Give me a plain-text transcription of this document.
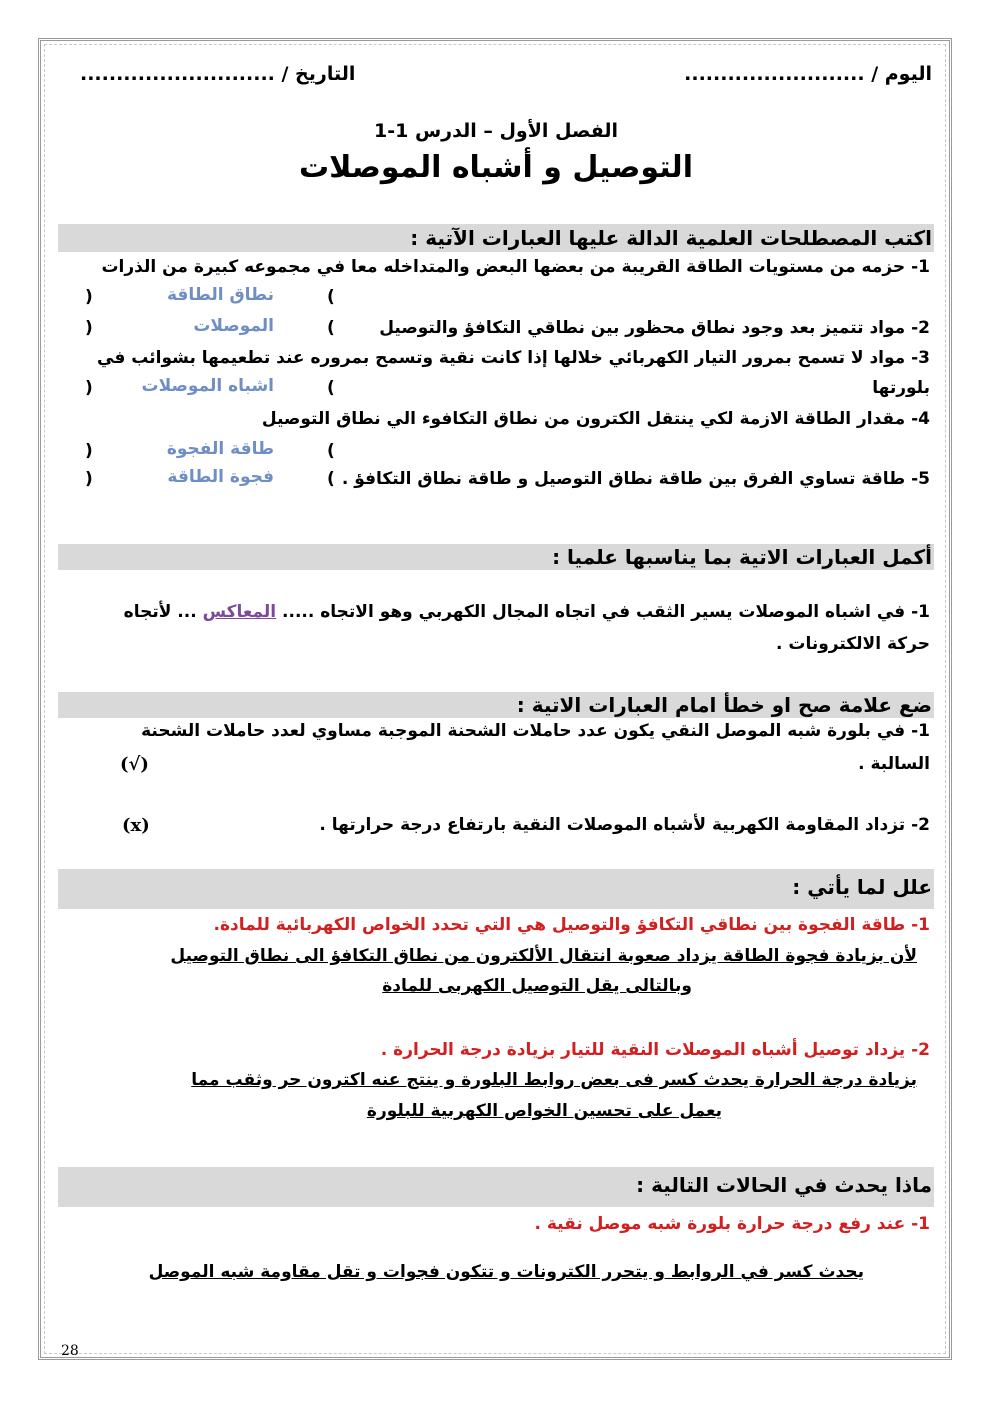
اليوم / .........................
التاريخ / ...........................
الفصل الأول – الدرس 1-1
التوصيل و أشباه الموصلات
اكتب المصطلحات العلمية الدالة عليها العبارات الآتية :
1- حزمه من مستويات الطاقة القريبة من بعضها البعض والمتداخله معا في مجموعه كبيرة من الذرات
(
نطاق الطاقة
)
2- مواد تتميز بعد وجود نطاق محظور بين نطاقي التكافؤ والتوصيل
(
الموصلات
)
3- مواد لا تسمح بمرور التيار الكهربائي خلالها إذا كانت نقية وتسمح بمروره عند تطعيمها بشوائب في
بلورتها
(
اشباه الموصلات
)
4- مقدار الطاقة الازمة لكي ينتقل الكترون من نطاق التكافوء الي نطاق التوصيل
(
طاقة الفجوة
)
5- طاقة تساوي الفرق بين طاقة نطاق التوصيل و طاقة نطاق التكافؤ .
(
فجوة الطاقة
)
أكمل العبارات الاتية بما يناسبها علميا :
1- في اشباه الموصلات يسير الثقب في اتجاه المجال الكهربي وهو الاتجاه ..... المعاكس ... لأتجاه
حركة الالكترونات .
ضع علامة صح او خطأ امام العبارات الاتية :
1- في بلورة شبه الموصل النقي يكون عدد حاملات الشحنة الموجبة مساوي لعدد حاملات الشحنة
السالبة .
(√)
2- تزداد المقاومة الكهربية لأشباه الموصلات النقية بارتفاع درجة حرارتها .
(x)
علل لما يأتي :
1- طاقة الفجوة بين نطاقي التكافؤ والتوصيل هي التي تحدد الخواص الكهربائية للمادة.
لأن بزيادة فجوة الطاقة يزداد صعوبة انتقال الألكترون من نطاق التكافؤ الى نطاق التوصيل
وبالتالى يقل التوصيل الكهربى للمادة
2- يزداد توصيل أشباه الموصلات النقية للتيار بزيادة درجة الحرارة .
بزيادة درجة الحرارة يحدث كسر فى بعض روابط البلورة و ينتج عنه اكترون حر وثقب مما
يعمل على تحسين الخواص الكهربية للبلورة
ماذا يحدث في الحالات التالية :
1- عند رفع درجة حرارة بلورة شبه موصل نقية .
يحدث كسر في الروابط و يتحرر الكترونات و تتكون فجوات و تقل مقاومة شبه الموصل
28
